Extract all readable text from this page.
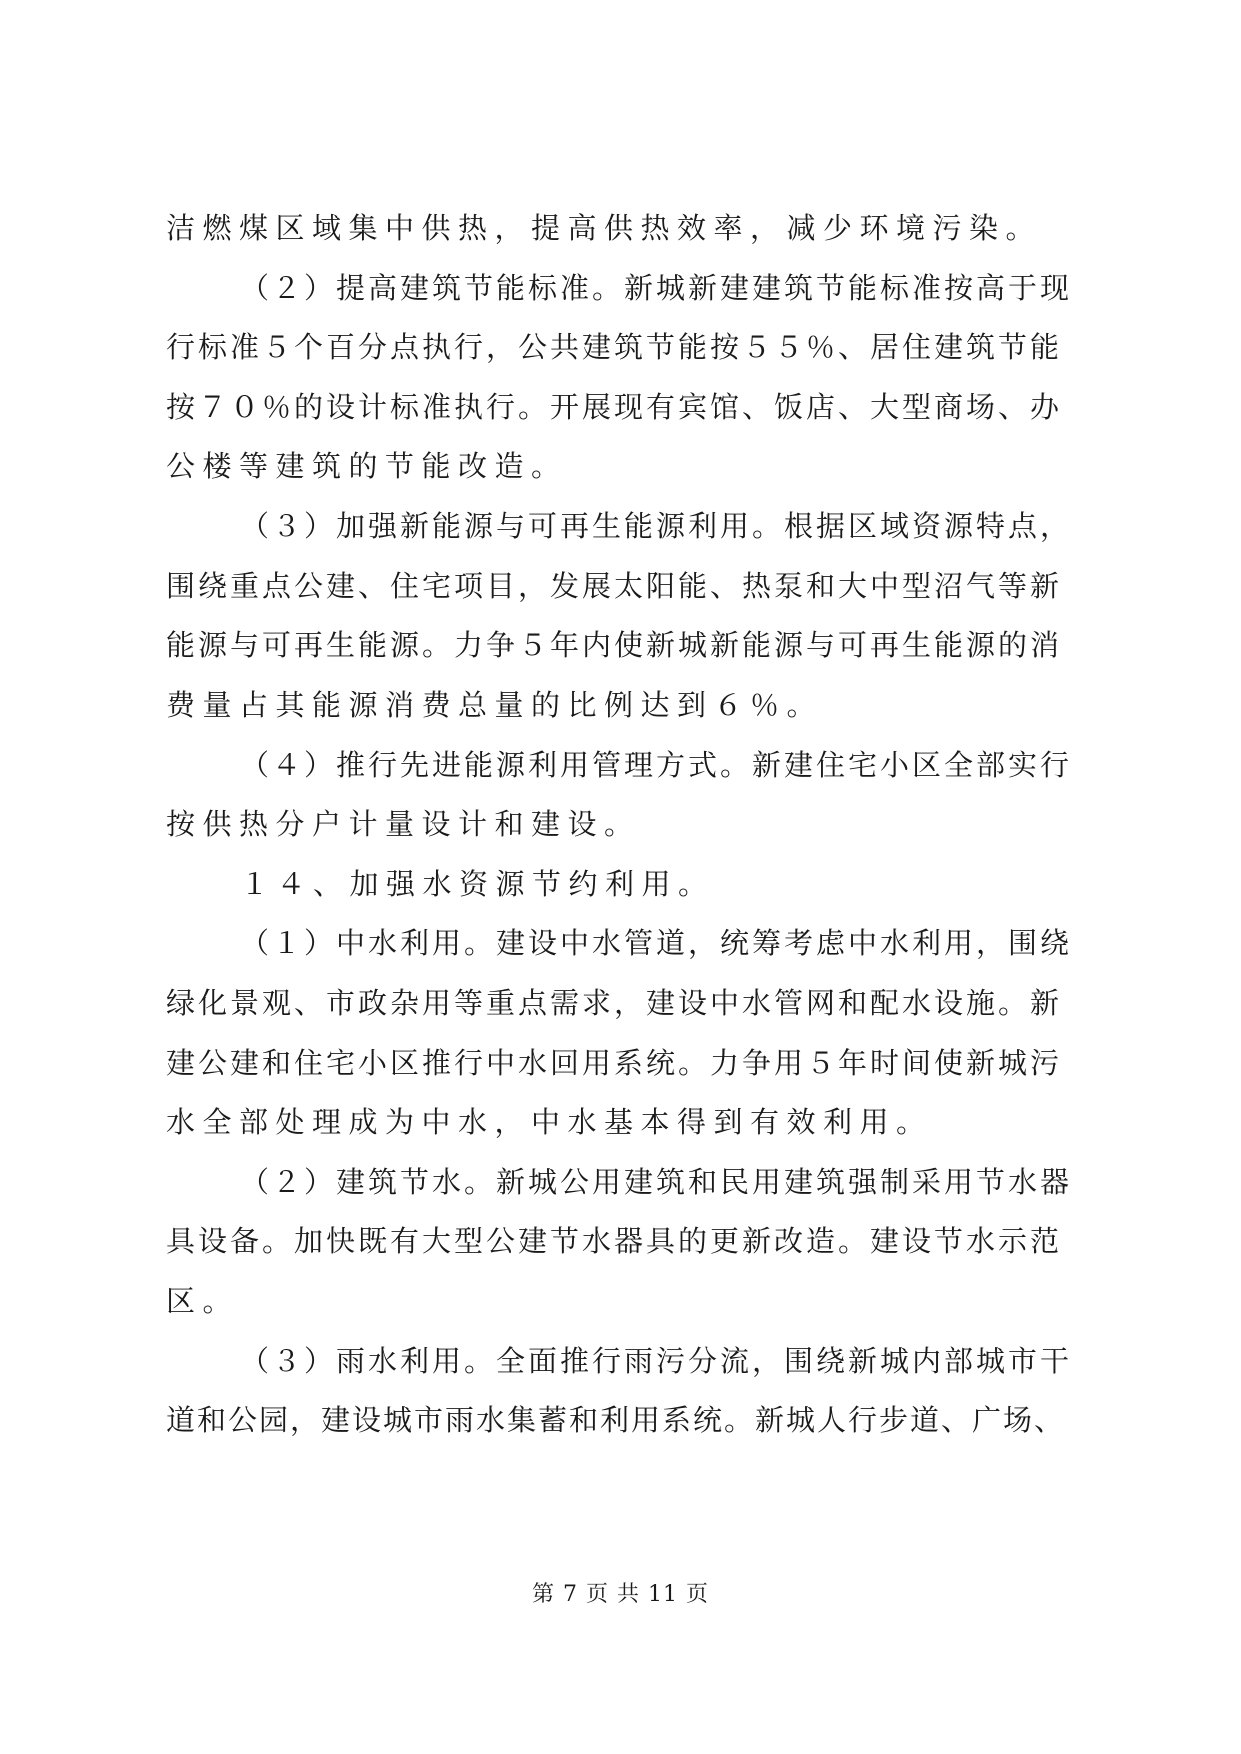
洁燃煤区域集中供热，提高供热效率，减少环境污染。
（２）提高建筑节能标准。新城新建建筑节能标准按高于现
行标准５个百分点执行，公共建筑节能按５５％、居住建筑节能
按７０％的设计标准执行。开展现有宾馆、饭店、大型商场、办
公楼等建筑的节能改造。
（３）加强新能源与可再生能源利用。根据区域资源特点，
围绕重点公建、住宅项目，发展太阳能、热泵和大中型沼气等新
能源与可再生能源。力争５年内使新城新能源与可再生能源的消
费量占其能源消费总量的比例达到６％。
（４）推行先进能源利用管理方式。新建住宅小区全部实行
按供热分户计量设计和建设。
１４、加强水资源节约利用。
（１）中水利用。建设中水管道，统筹考虑中水利用，围绕
绿化景观、市政杂用等重点需求，建设中水管网和配水设施。新
建公建和住宅小区推行中水回用系统。力争用５年时间使新城污
水全部处理成为中水，中水基本得到有效利用。
（２）建筑节水。新城公用建筑和民用建筑强制采用节水器
具设备。加快既有大型公建节水器具的更新改造。建设节水示范
区。
（３）雨水利用。全面推行雨污分流，围绕新城内部城市干
道和公园，建设城市雨水集蓄和利用系统。新城人行步道、广场、
第 7 页 共 11 页
